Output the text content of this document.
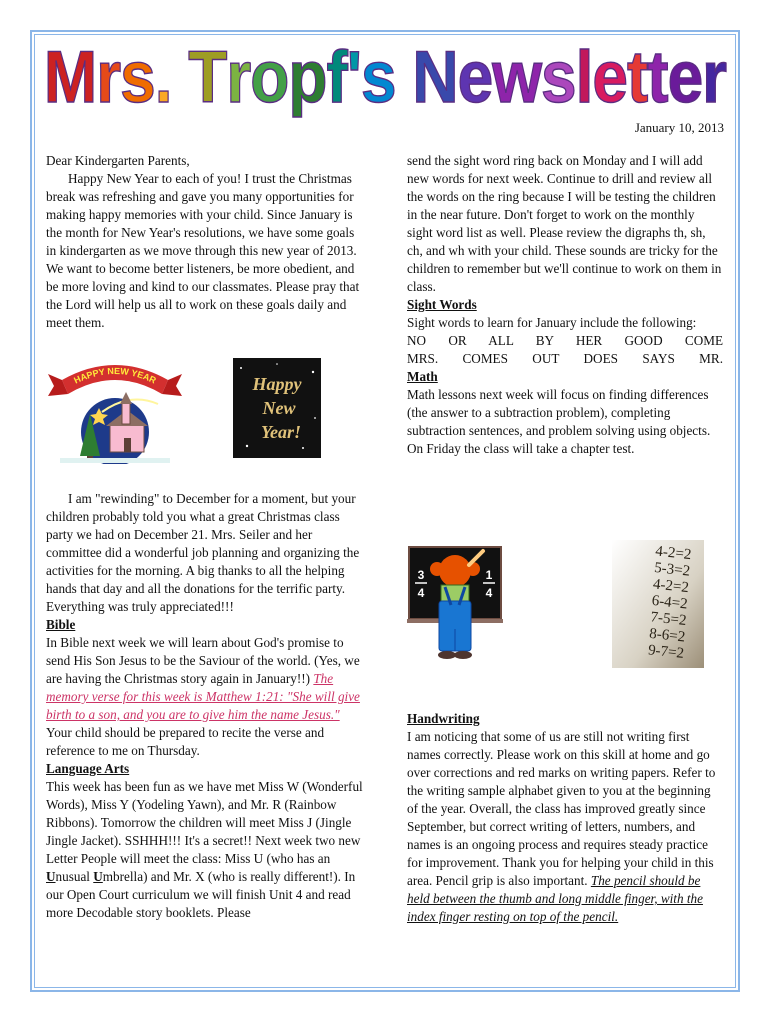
Mrs. Tropf's Newsletter
January 10, 2013

Dear Kindergarten Parents,

Happy New Year to each of you! I trust the Christmas break was refreshing and gave you many opportunities for making happy memories with your child. Since January is the month for New Year's resolutions, we have some goals in kindergarten as we move through this new year of 2013. We want to become better listeners, be more obedient, and be more loving and kind to our classmates. Please pray that the Lord will help us all to work on these goals daily and meet them.

HAPPY NEW YEAR	Happy
New
Year!

I am "rewinding" to December for a moment, but your children probably told you what a great Christmas class party we had on December 21. Mrs. Seiler and her committee did a wonderful job planning and organizing the activities for the morning. A big thanks to all the helping hands that day and all the donations for the terrific party. Everything was truly appreciated!!!

Bible

In Bible next week we will learn about God's promise to send His Son Jesus to be the Saviour of the world. (Yes, we are having the Christmas story again in January!!) The memory verse for this week is Matthew 1:21: "She will give birth to a son, and you are to give him the name Jesus." Your child should be prepared to recite the verse and reference to me on Thursday.

Language Arts

This week has been fun as we have met Miss W (Wonderful Words), Miss Y (Yodeling Yawn), and Mr. R (Rainbow Ribbons). Tomorrow the children will meet Miss J (Jingle Jingle Jacket). SSHHH!!! It's a secret!! Next week two new Letter People will meet the class: Miss U (who has an Unusual Umbrella) and Mr. X (who is really different!). In our Open Court curriculum we will finish Unit 4 and read more Decodable story booklets. Please

send the sight word ring back on Monday and I will add new words for next week. Continue to drill and review all the words on the ring because I will be testing the children in the near future. Don't forget to work on the monthly sight word list as well. Please review the digraphs th, sh, ch, and wh with your child. These sounds are tricky for the children to remember but we'll continue to work on them in class.

Sight Words

Sight words to learn for January include the following:

NO OR ALL BY HER GOOD COME

MRS. COMES OUT DOES SAYS MR.

Math

Math lessons next week will focus on finding differences (the answer to a subtraction problem), completing subtraction sentences, and problem solving using objects. On Friday the class will take a chapter test.

3
4
1
4
4-2=2
5-3=2
4-2=2
6-4=2
7-5=2
8-6=2
9-7=2

Handwriting

I am noticing that some of us are still not writing first names correctly. Please work on this skill at home and go over corrections and red marks on writing papers. Refer to the writing sample alphabet given to you at the beginning of the year. Overall, the class has improved greatly since September, but correct writing of letters, numbers, and names is an ongoing process and requires steady practice for improvement. Thank you for helping your child in this area. Pencil grip is also important. The pencil should be held between the thumb and long middle finger, with the index finger resting on top of the pencil.
